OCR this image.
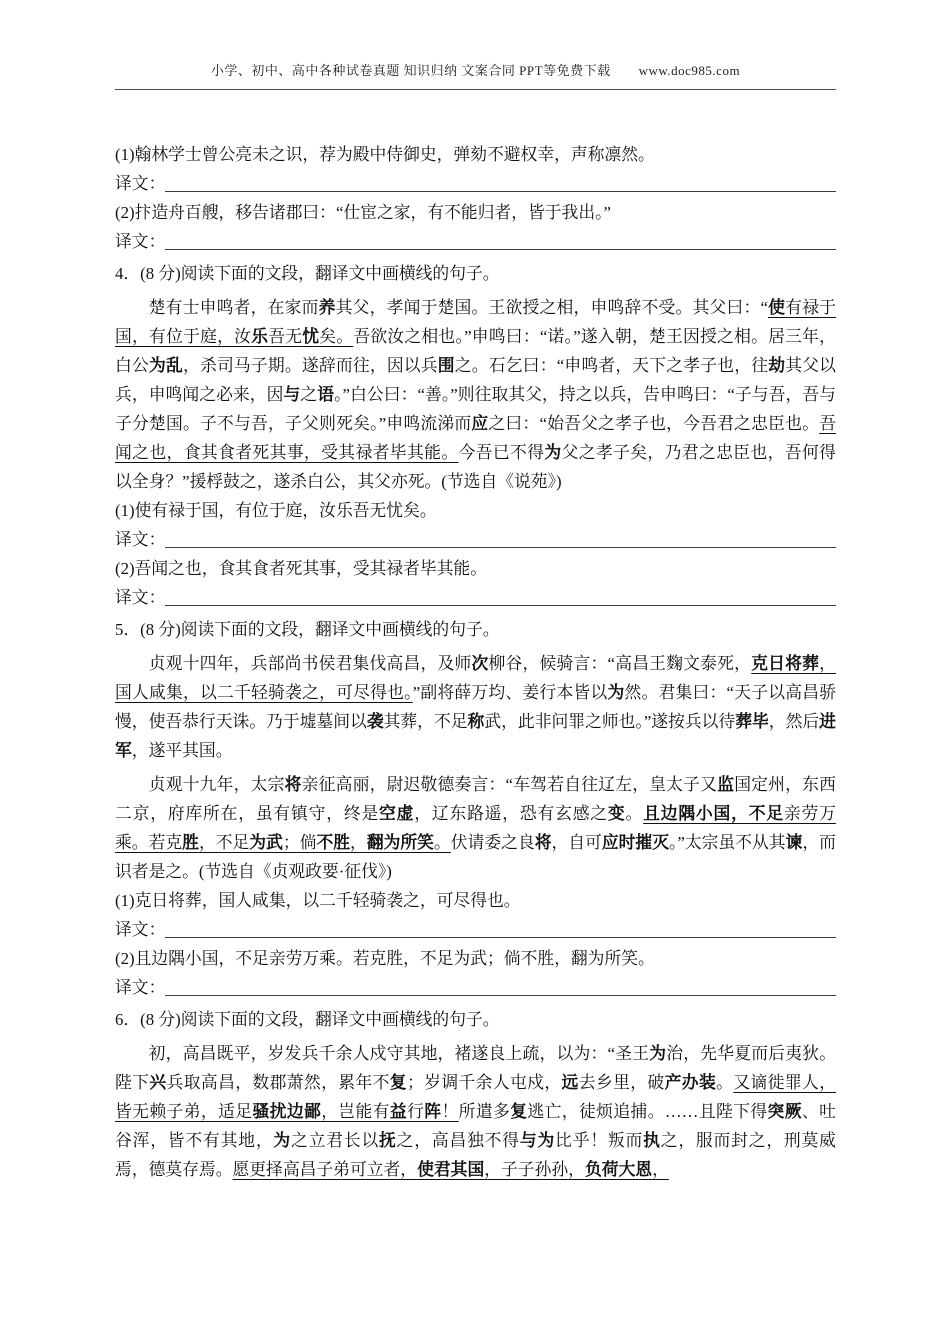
小学、初中、高中各种试卷真题 知识归纳 文案合同 PPT等免费下载 www.doc985.com

(1)翰林学士曾公亮未之识，荐为殿中侍御史，弹劾不避权幸，声称凛然。

译文：

(2)抃造舟百艘，移告诸郡曰：“仕宦之家，有不能归者，皆于我出。”

译文：

4．(8 分)阅读下面的文段，翻译文中画横线的句子。

楚有士申鸣者，在家而养其父，孝闻于楚国。王欲授之相，申鸣辞不受。其父曰：“使有禄于国，有位于庭，汝乐吾无忧矣。吾欲汝之相也。”申鸣曰：“诺。”遂入朝，楚王因授之相。居三年，白公为乱，杀司马子期。遂辞而往，因以兵围之。石乞曰：“申鸣者，天下之孝子也，往劫其父以兵，申鸣闻之必来，因与之语。”白公曰：“善。”则往取其父，持之以兵，告申鸣曰：“子与吾，吾与子分楚国。子不与吾，子父则死矣。”申鸣流涕而应之曰：“始吾父之孝子也，今吾君之忠臣也。吾闻之也，食其食者死其事，受其禄者毕其能。今吾已不得为父之孝子矣，乃君之忠臣也，吾何得以全身？”援桴鼓之，遂杀白公，其父亦死。(节选自《说苑》)

(1)使有禄于国，有位于庭，汝乐吾无忧矣。

译文：

(2)吾闻之也，食其食者死其事，受其禄者毕其能。

译文：

5．(8 分)阅读下面的文段，翻译文中画横线的句子。

贞观十四年，兵部尚书侯君集伐高昌，及师次柳谷，候骑言：“高昌王麴文泰死，克日将葬，国人咸集，以二千轻骑袭之，可尽得也。”副将薛万均、姜行本皆以为然。君集曰：“天子以高昌骄慢，使吾恭行天诛。乃于墟墓间以袭其葬，不足称武，此非问罪之师也。”遂按兵以待葬毕，然后进军，遂平其国。

贞观十九年，太宗将亲征高丽，尉迟敬德奏言：“车驾若自往辽左，皇太子又监国定州，东西二京，府库所在，虽有镇守，终是空虚，辽东路遥，恐有玄感之变。且边隅小国，不足亲劳万乘。若克胜，不足为武；倘不胜，翻为所笑。伏请委之良将，自可应时摧灭。”太宗虽不从其谏，而识者是之。(节选自《贞观政要·征伐》)

(1)克日将葬，国人咸集，以二千轻骑袭之，可尽得也。

译文：

(2)且边隅小国，不足亲劳万乘。若克胜，不足为武；倘不胜，翻为所笑。

译文：

6．(8 分)阅读下面的文段，翻译文中画横线的句子。

初，高昌既平，岁发兵千余人戍守其地，褚遂良上疏，以为：“圣王为治，先华夏而后夷狄。陛下兴兵取高昌，数郡萧然，累年不复；岁调千余人屯戍，远去乡里，破产办装。又谪徙罪人，皆无赖子弟，适足骚扰边鄙，岂能有益行阵！所遣多复逃亡，徒烦追捕。……且陛下得突厥、吐谷浑，皆不有其地，为之立君长以抚之，高昌独不得与为比乎！叛而执之，服而封之，刑莫威焉，德莫存焉。愿更择高昌子弟可立者，使君其国，子子孙孙，负荷大恩，
